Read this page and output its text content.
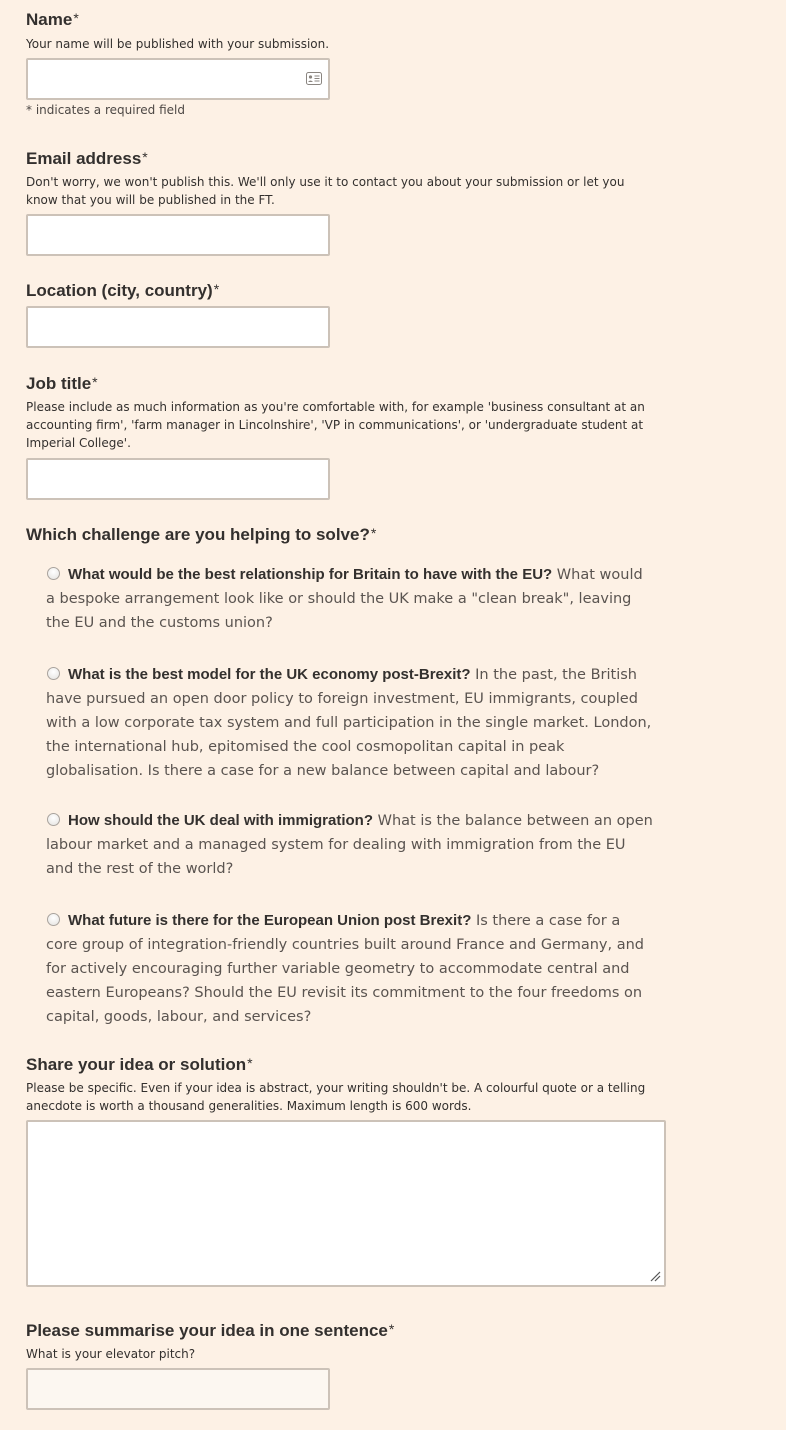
Name*
Your name will be published with your submission.
* indicates a required field
Email address*
Don't worry, we won't publish this. We'll only use it to contact you about your submission or let you know that you will be published in the FT.
Location (city, country)*
Job title*
Please include as much information as you're comfortable with, for example 'business consultant at an accounting firm', 'farm manager in Lincolnshire', 'VP in communications', or 'undergraduate student at Imperial College'.
Which challenge are you helping to solve?*
What would be the best relationship for Britain to have with the EU? What would a bespoke arrangement look like or should the UK make a "clean break", leaving the EU and the customs union?
What is the best model for the UK economy post-Brexit? In the past, the British have pursued an open door policy to foreign investment, EU immigrants, coupled with a low corporate tax system and full participation in the single market. London, the international hub, epitomised the cool cosmopolitan capital in peak globalisation. Is there a case for a new balance between capital and labour?
How should the UK deal with immigration? What is the balance between an open labour market and a managed system for dealing with immigration from the EU and the rest of the world?
What future is there for the European Union post Brexit? Is there a case for a core group of integration-friendly countries built around France and Germany, and for actively encouraging further variable geometry to accommodate central and eastern Europeans? Should the EU revisit its commitment to the four freedoms on capital, goods, labour, and services?
Share your idea or solution*
Please be specific. Even if your idea is abstract, your writing shouldn't be. A colourful quote or a telling anecdote is worth a thousand generalities. Maximum length is 600 words.
Please summarise your idea in one sentence*
What is your elevator pitch?
